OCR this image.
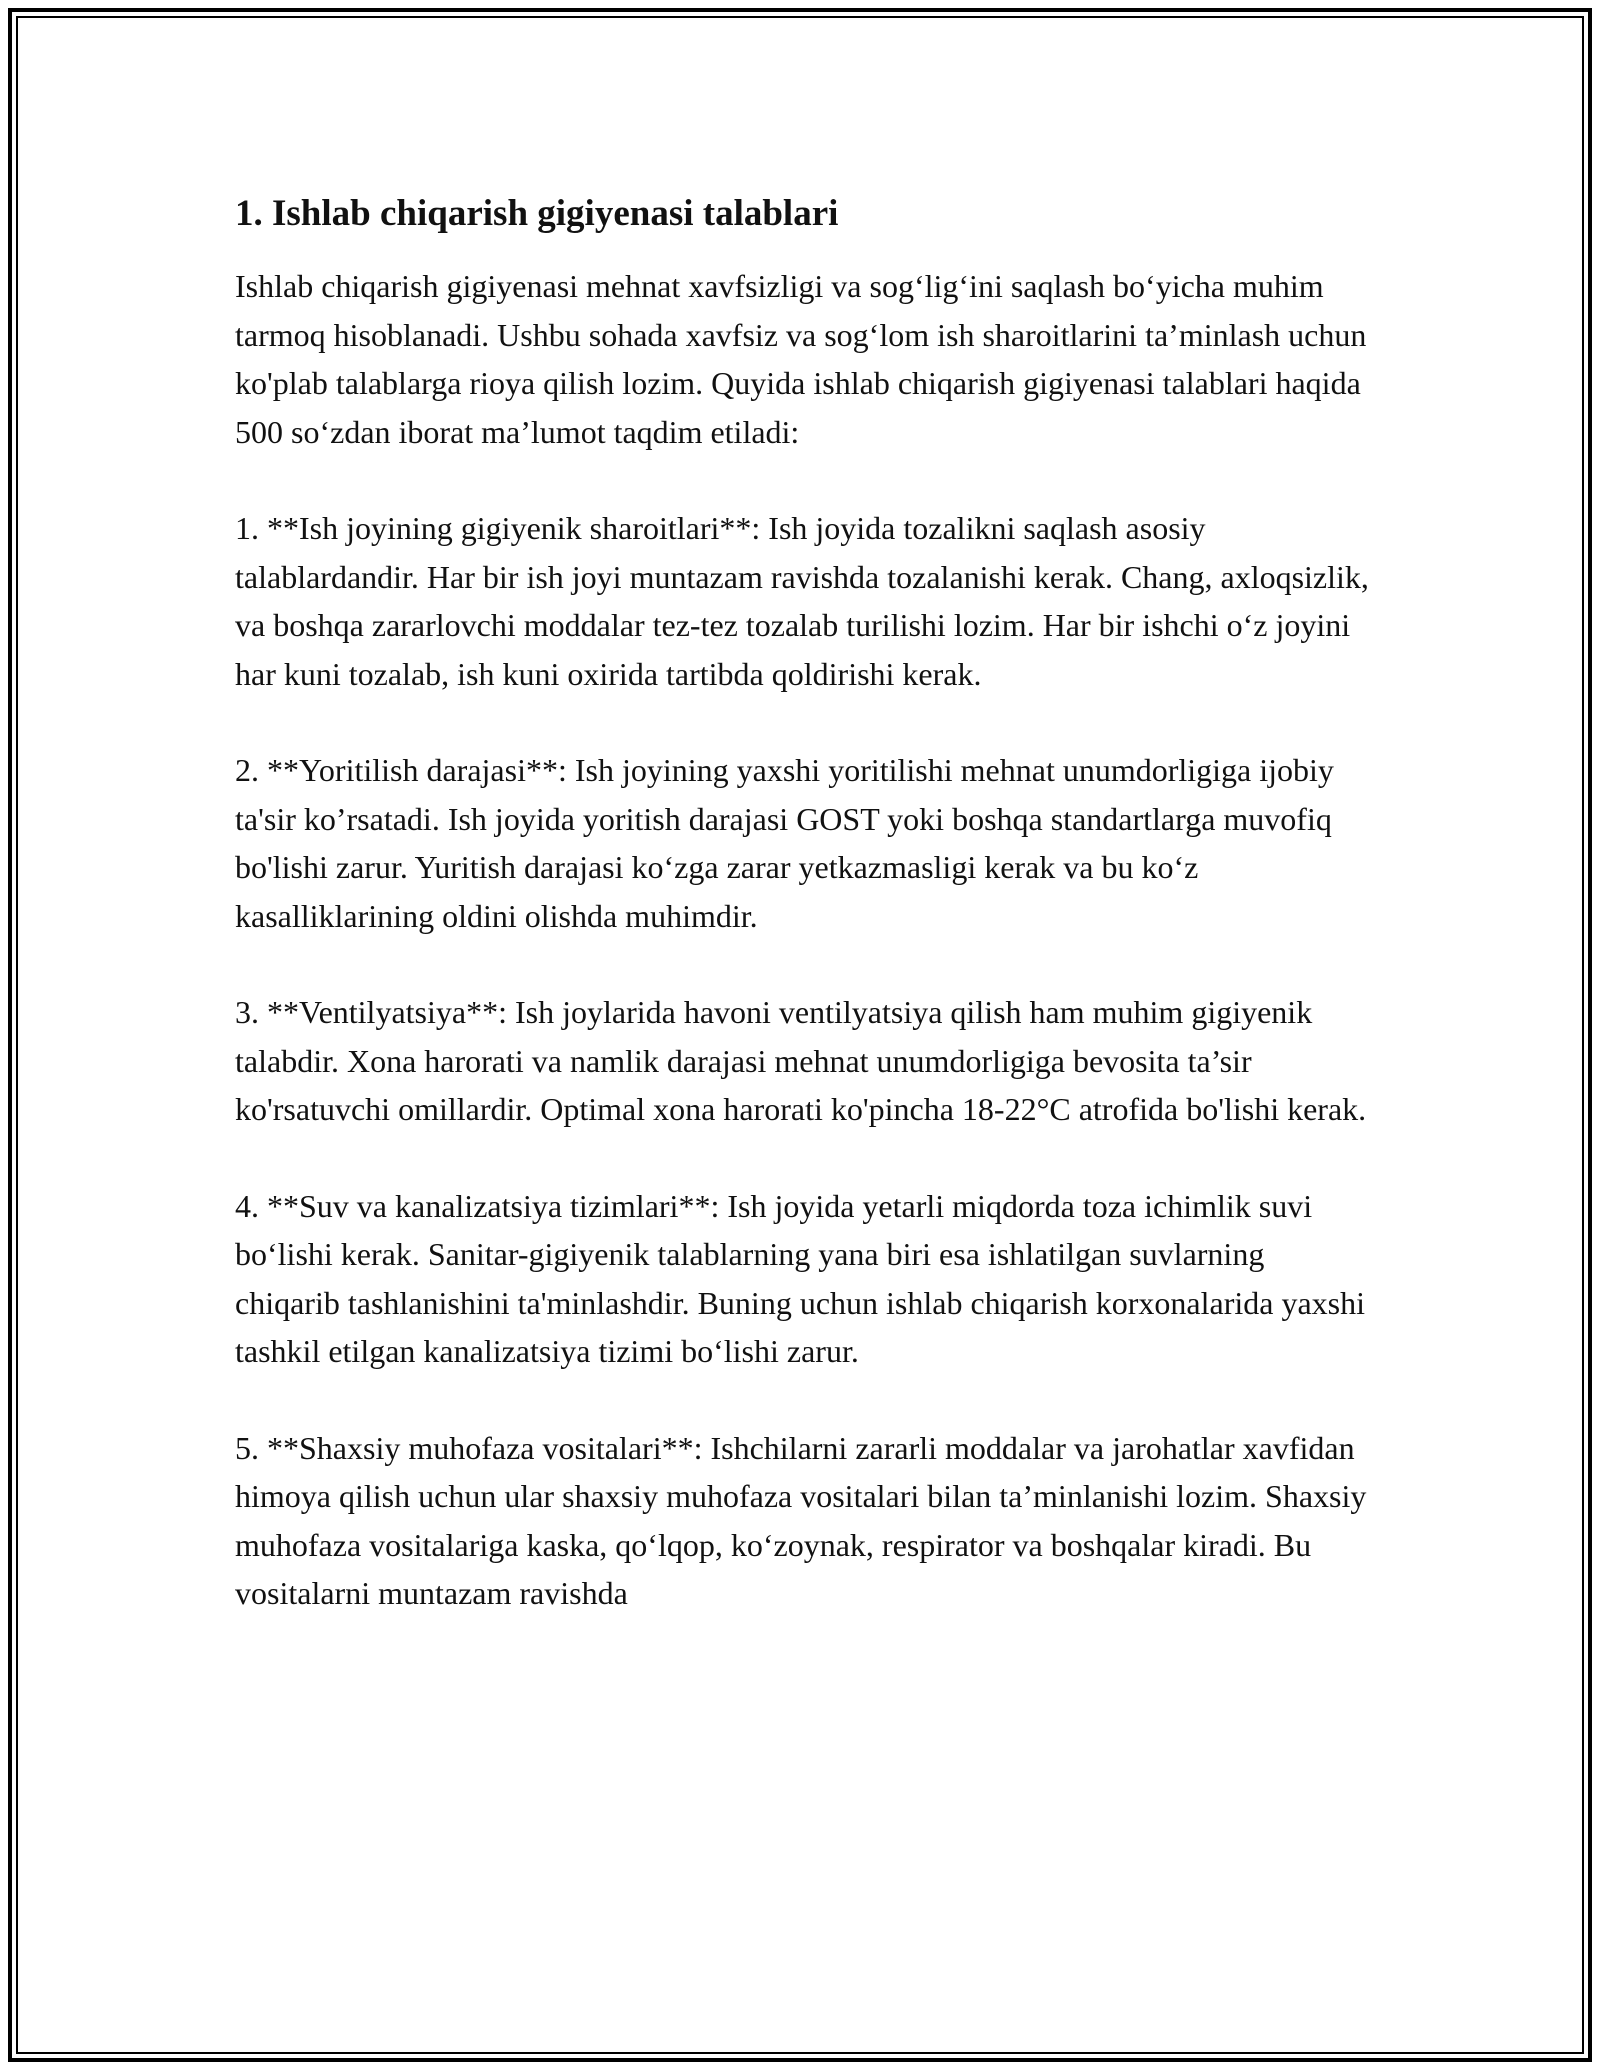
1. Ishlab chiqarish gigiyenasi talablari

Ishlab chiqarish gigiyenasi mehnat xavfsizligi va sog‘lig‘ini saqlash bo‘yicha muhim tarmoq hisoblanadi. Ushbu sohada xavfsiz va sog‘lom ish sharoitlarini ta’minlash uchun ko'plab talablarga rioya qilish lozim. Quyida ishlab chiqarish gigiyenasi talablari haqida 500 so‘zdan iborat ma’lumot taqdim etiladi:

1. **Ish joyining gigiyenik sharoitlari**: Ish joyida tozalikni saqlash asosiy talablardandir. Har bir ish joyi muntazam ravishda tozalanishi kerak. Chang, axloqsizlik, va boshqa zararlovchi moddalar tez-tez tozalab turilishi lozim. Har bir ishchi o‘z joyini har kuni tozalab, ish kuni oxirida tartibda qoldirishi kerak.

2. **Yoritilish darajasi**: Ish joyining yaxshi yoritilishi mehnat unumdorligiga ijobiy ta'sir ko’rsatadi. Ish joyida yoritish darajasi GOST yoki boshqa standartlarga muvofiq bo'lishi zarur. Yuritish darajasi ko‘zga zarar yetkazmasligi kerak va bu ko‘z kasalliklarining oldini olishda muhimdir.

3. **Ventilyatsiya**: Ish joylarida havoni ventilyatsiya qilish ham muhim gigiyenik talabdir. Xona harorati va namlik darajasi mehnat unumdorligiga bevosita ta’sir ko'rsatuvchi omillardir. Optimal xona harorati ko'pincha 18-22°C atrofida bo'lishi kerak.

4. **Suv va kanalizatsiya tizimlari**: Ish joyida yetarli miqdorda toza ichimlik suvi bo‘lishi kerak. Sanitar-gigiyenik talablarning yana biri esa ishlatilgan suvlarning chiqarib tashlanishini ta'minlashdir. Buning uchun ishlab chiqarish korxonalarida yaxshi tashkil etilgan kanalizatsiya tizimi bo‘lishi zarur.

5. **Shaxsiy muhofaza vositalari**: Ishchilarni zararli moddalar va jarohatlar xavfidan himoya qilish uchun ular shaxsiy muhofaza vositalari bilan ta’minlanishi lozim. Shaxsiy muhofaza vositalariga kaska, qo‘lqop, ko‘zoynak, respirator va boshqalar kiradi. Bu vositalarni muntazam ravishda
